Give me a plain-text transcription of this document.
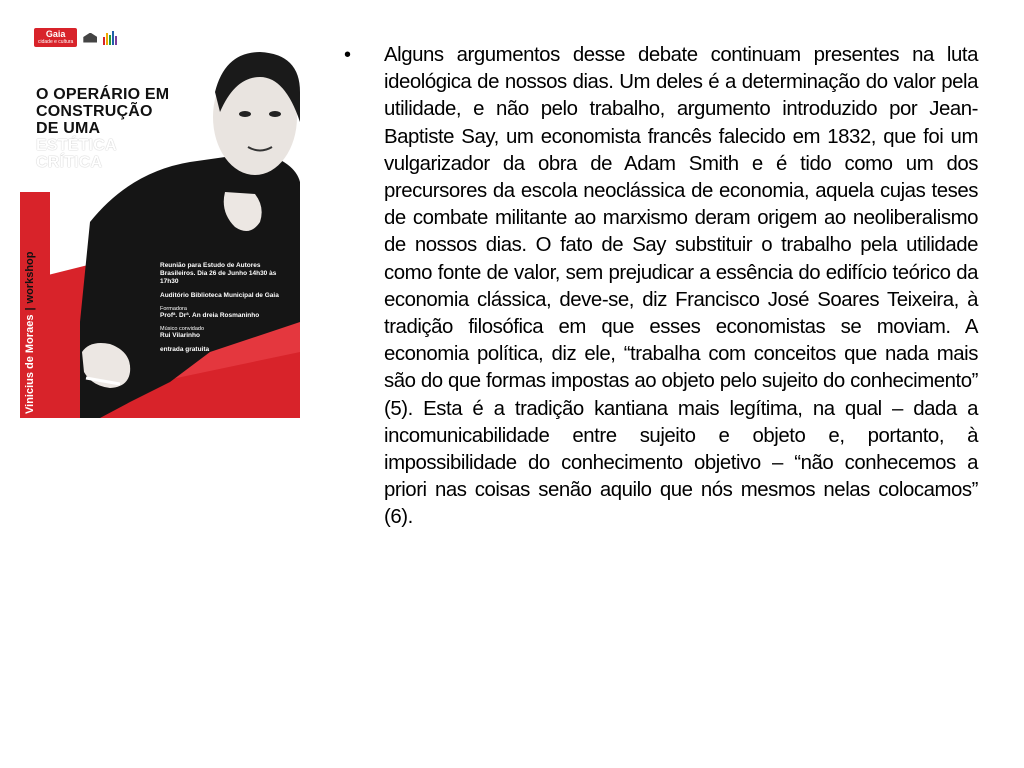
Gaia
cidade e cultura
O OPERÁRIO EM
CONSTRUÇÃO
DE UMA
ESTÉTICA
CRÍTICA
Vinicius de Moraes|workshop	Reunião para Estudo de Autores Brasileiros. Dia 26 de Junho 14h30 às 17h30

Auditório Biblioteca Municipal de Gaia

Formadora

Profª. Drª. An dreia Rosmaninho

Músico convidado

Rui Vilarinho

entrada gratuita

• Alguns argumentos desse debate continuam presentes na luta ideológica de nossos dias. Um deles é a determinação do valor pela utilidade, e não pelo trabalho, argumento introduzido por Jean-Baptiste Say, um economista francês falecido em 1832, que foi um vulgarizador da obra de Adam Smith e é tido como um dos precursores da escola neoclássica de economia, aquela cujas teses de combate militante ao marxismo deram origem ao neoliberalismo de nossos dias. O fato de Say substituir o trabalho pela utilidade como fonte de valor, sem prejudicar a essência do edifício teórico da economia clássica, deve-se, diz Francisco José Soares Teixeira, à tradição filosófica em que esses economistas se moviam. A economia política, diz ele, “trabalha com conceitos que nada mais são do que formas impostas ao objeto pelo sujeito do conhecimento” (5). Esta é a tradição kantiana mais legítima, na qual – dada a incomunicabilidade entre sujeito e objeto e, portanto, à impossibilidade do conhecimento objetivo – “não conhecemos a priori nas coisas senão aquilo que nós mesmos nelas colocamos” (6).
